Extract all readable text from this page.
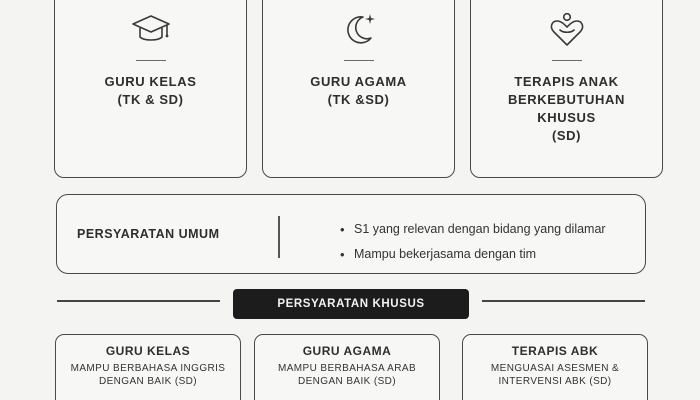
GURU KELAS
(TK & SD)
GURU AGAMA
(TK &SD)
TERAPIS ANAK BERKEBUTUHAN KHUSUS
(SD)
PERSYARATAN UMUM
•	S1 yang relevan dengan bidang yang dilamar
• Mampu bekerjasama dengan tim
PERSYARATAN KHUSUS
GURU KELAS
MAMPU BERBAHASA INGGRIS DENGAN BAIK (SD)
GURU AGAMA
MAMPU BERBAHASA ARAB DENGAN BAIK (SD)
TERAPIS ABK
MENGUASAI ASESMEN & INTERVENSI ABK (SD)
